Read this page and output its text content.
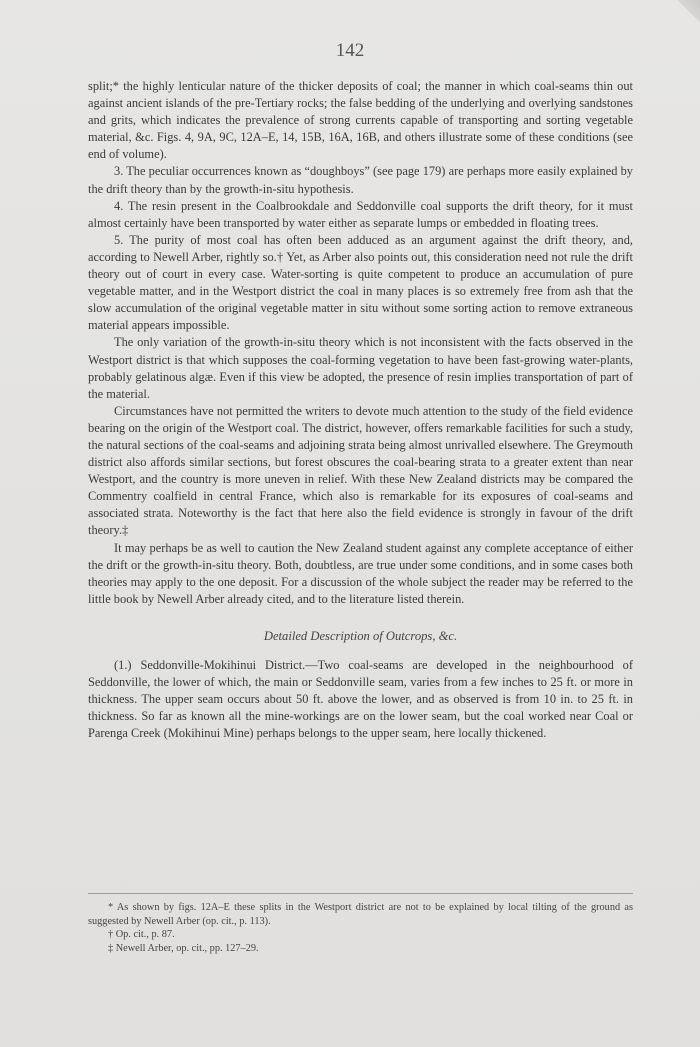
142

split;* the highly lenticular nature of the thicker deposits of coal; the manner in which coal-seams thin out against ancient islands of the pre-Tertiary rocks; the false bedding of the underlying and overlying sandstones and grits, which indicates the prevalence of strong currents capable of transporting and sorting vegetable material, &c. Figs. 4, 9A, 9C, 12A–E, 14, 15B, 16A, 16B, and others illustrate some of these conditions (see end of volume).

3. The peculiar occurrences known as “doughboys” (see page 179) are perhaps more easily explained by the drift theory than by the growth-in-situ hypothesis.

4. The resin present in the Coalbrookdale and Seddonville coal supports the drift theory, for it must almost certainly have been transported by water either as separate lumps or embedded in floating trees.

5. The purity of most coal has often been adduced as an argument against the drift theory, and, according to Newell Arber, rightly so.† Yet, as Arber also points out, this consideration need not rule the drift theory out of court in every case. Water-sorting is quite competent to produce an accumulation of pure vegetable matter, and in the Westport district the coal in many places is so extremely free from ash that the slow accumulation of the original vegetable matter in situ without some sorting action to remove extraneous material appears impossible.

The only variation of the growth-in-situ theory which is not inconsistent with the facts observed in the Westport district is that which supposes the coal-forming vegetation to have been fast-growing water-plants, probably gelatinous algæ. Even if this view be adopted, the presence of resin implies transportation of part of the material.

Circumstances have not permitted the writers to devote much attention to the study of the field evidence bearing on the origin of the Westport coal. The district, however, offers remarkable facilities for such a study, the natural sections of the coal-seams and adjoining strata being almost unrivalled elsewhere. The Greymouth district also affords similar sections, but forest obscures the coal-bearing strata to a greater extent than near Westport, and the country is more uneven in relief. With these New Zealand districts may be compared the Commentry coalfield in central France, which also is remarkable for its exposures of coal-seams and associated strata. Noteworthy is the fact that here also the field evidence is strongly in favour of the drift theory.‡

It may perhaps be as well to caution the New Zealand student against any complete acceptance of either the drift or the growth-in-situ theory. Both, doubtless, are true under some conditions, and in some cases both theories may apply to the one deposit. For a discussion of the whole subject the reader may be referred to the little book by Newell Arber already cited, and to the literature listed therein.

Detailed Description of Outcrops, &c.

(1.) Seddonville-Mokihinui District.—Two coal-seams are developed in the neighbourhood of Seddonville, the lower of which, the main or Seddonville seam, varies from a few inches to 25 ft. or more in thickness. The upper seam occurs about 50 ft. above the lower, and as observed is from 10 in. to 25 ft. in thickness. So far as known all the mine-workings are on the lower seam, but the coal worked near Coal or Parenga Creek (Mokihinui Mine) perhaps belongs to the upper seam, here locally thickened.

* As shown by figs. 12A–E these splits in the Westport district are not to be explained by local tilting of the ground as suggested by Newell Arber (op. cit., p. 113).

† Op. cit., p. 87.

‡ Newell Arber, op. cit., pp. 127–29.
